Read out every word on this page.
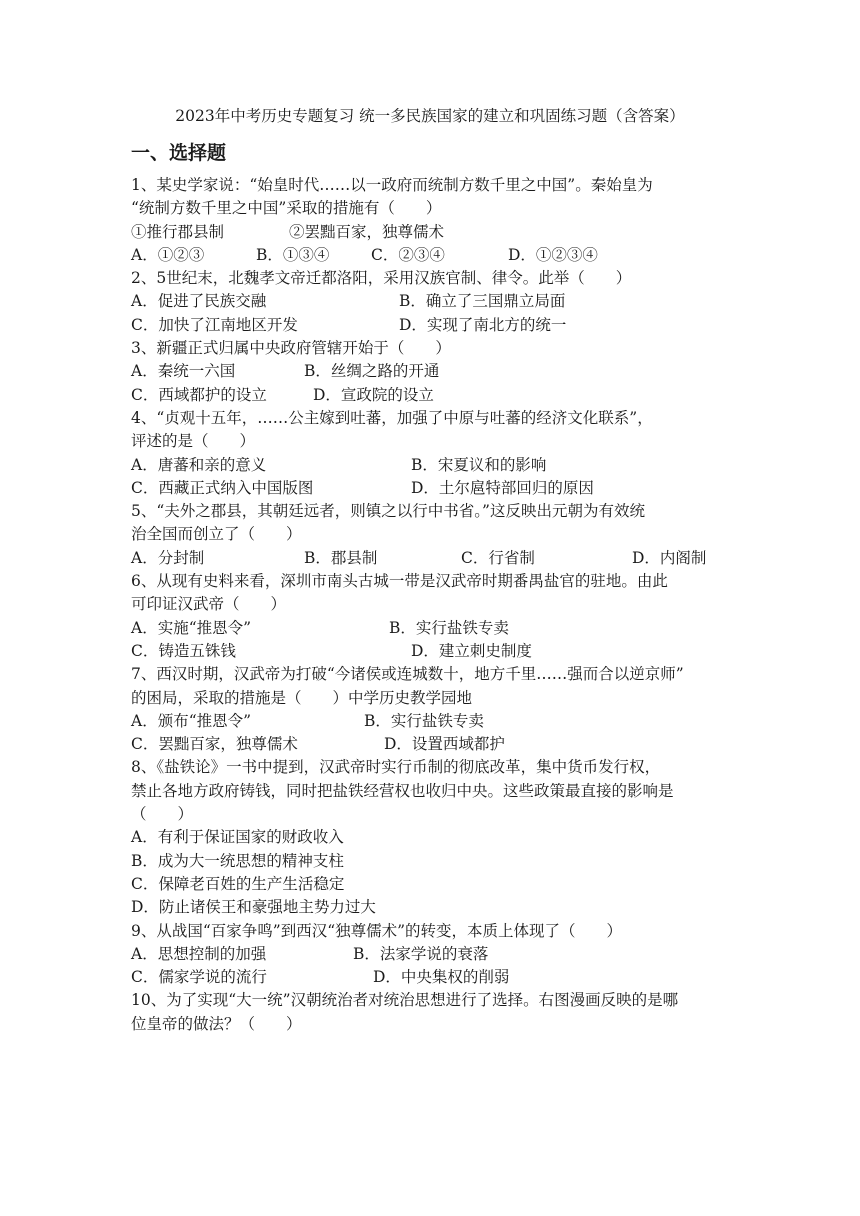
2023年中考历史专题复习 统一多民族国家的建立和巩固练习题（含答案）
一、选择题
1、某史学家说：“始皇时代……以一政府而统制方数千里之中国”。秦始皇为
“统制方数千里之中国”采取的措施有（　　）
①推行郡县制	②罢黜百家，独尊儒术
A．①②③	B．①③④	C．②③④	D．①②③④
2、5世纪末，北魏孝文帝迁都洛阳，采用汉族官制、律令。此举（　　）
A．促进了民族交融	B．确立了三国鼎立局面
C．加快了江南地区开发	D．实现了南北方的统一
3、新疆正式归属中央政府管辖开始于（　　）
A．秦统一六国	B．丝绸之路的开通
C．西域都护的设立	D．宣政院的设立
4、“贞观十五年，……公主嫁到吐蕃，加强了中原与吐蕃的经济文化联系”，
评述的是（　　）
A．唐蕃和亲的意义	B．宋夏议和的影响
C．西藏正式纳入中国版图	D．土尔扈特部回归的原因
5、“夫外之郡县，其朝廷远者，则镇之以行中书省。”这反映出元朝为有效统
治全国而创立了（　　）
A．分封制	B．郡县制	C．行省制	D．内阁制
6、从现有史料来看，深圳市南头古城一带是汉武帝时期番禺盐官的驻地。由此
可印证汉武帝（　　）
A．实施“推恩令”	B．实行盐铁专卖
C．铸造五铢钱	D．建立刺史制度
7、西汉时期，汉武帝为打破“今诸侯或连城数十，地方千里……强而合以逆京师”
的困局，采取的措施是（　　）中学历史教学园地
A．颁布“推恩令”	B．实行盐铁专卖
C．罢黜百家，独尊儒术	D．设置西域都护
8、《盐铁论》一书中提到，汉武帝时实行币制的彻底改革，集中货币发行权，
禁止各地方政府铸钱，同时把盐铁经营权也收归中央。这些政策最直接的影响是
（　　）
A．有利于保证国家的财政收入
B．成为大一统思想的精神支柱
C．保障老百姓的生产生活稳定
D．防止诸侯王和豪强地主势力过大
9、从战国“百家争鸣”到西汉“独尊儒术”的转变，本质上体现了（　　）
A．思想控制的加强	B．法家学说的衰落
C．儒家学说的流行	D．中央集权的削弱
10、为了实现“大一统”汉朝统治者对统治思想进行了选择。右图漫画反映的是哪
位皇帝的做法？（　　）
